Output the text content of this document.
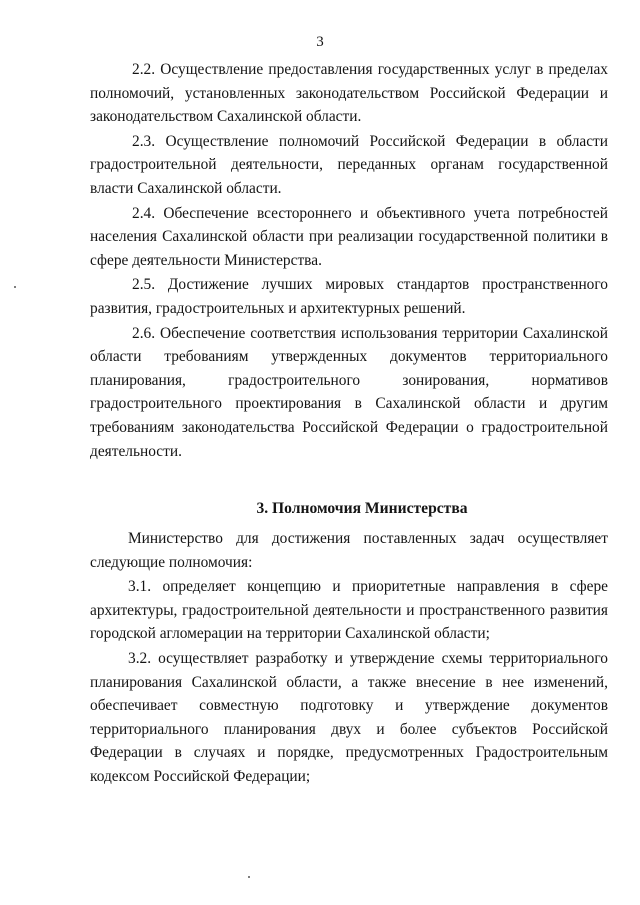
3

2.2. Осуществление предоставления государственных услуг в пределах полномочий, установленных законодательством Российской Федерации и законодательством Сахалинской области.

2.3. Осуществление полномочий Российской Федерации в области градостроительной деятельности, переданных органам государственной власти Сахалинской области.

2.4. Обеспечение всестороннего и объективного учета потребностей населения Сахалинской области при реализации государственной политики в сфере деятельности Министерства.

2.5. Достижение лучших мировых стандартов пространственного развития, градостроительных и архитектурных решений.

2.6. Обеспечение соответствия использования территории Сахалинской области требованиям утвержденных документов территориального планирования, градостроительного зонирования, нормативов градостроительного проектирования в Сахалинской области и другим требованиям законодательства Российской Федерации о градостроительной деятельности.

3. Полномочия Министерства

Министерство для достижения поставленных задач осуществляет следующие полномочия:

3.1. определяет концепцию и приоритетные направления в сфере архитектуры, градостроительной деятельности и пространственного развития городской агломерации на территории Сахалинской области;

3.2. осуществляет разработку и утверждение схемы территориального планирования Сахалинской области, а также внесение в нее изменений, обеспечивает совместную подготовку и утверждение документов территориального планирования двух и более субъектов Российской Федерации в случаях и порядке, предусмотренных Градостроительным кодексом Российской Федерации;
